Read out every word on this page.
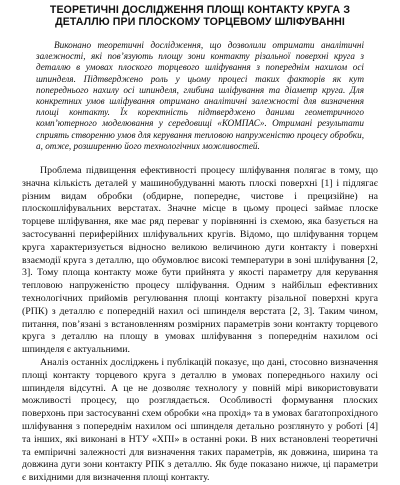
ТЕОРЕТИЧНІ ДОСЛІДЖЕННЯ ПЛОЩІ КОНТАКТУ КРУГА З ДЕТАЛЛЮ ПРИ ПЛОСКОМУ ТОРЦЕВОМУ ШЛІФУВАННІ

Виконано теоретичні дослідження, що дозволили отримати аналітичні залежності, які пов’язують площу зони контакту різальної поверхні круга з деталлю в умовах плоского торцевого шліфування з попереднім нахилом осі шпинделя. Підтверджено роль у цьому процесі таких факторів як кут попереднього нахилу осі шпинделя, глибина шліфування та діаметр круга. Для конкретних умов шліфування отримано аналітичні залежності для визначення площі контакту. Їх коректність підтверджено даними геометричного комп’ютерного моделювання у середовищі «КОМПАС». Отримані результати сприять створенню умов для керування тепловою напруженістю процесу обробки, а, отже, розширенню його технологічних можливостей.

Проблема підвищення ефективності процесу шліфування полягає в тому, що значна кількість деталей у машинобудуванні мають плоскі поверхні [1] і підлягає різним видам обробки (обдирне, попереднє, чистове і прецизійне) на плоскошліфувальних верстатах. Значне місце в цьому процесі займає плоске торцеве шліфування, яке має ряд переваг у порівнянні із схемою, яка базується на застосуванні периферійних шліфувальних кругів. Відомо, що шліфування торцем круга характеризується відносно великою величиною дуги контакту і поверхні взаємодії круга з деталлю, що обумовлює високі температури в зоні шліфування [2, 3]. Тому площа контакту може бути прийнята у якості параметру для керування тепловою напруженістю процесу шліфування. Одним з найбільш ефективних технологічних прийомів регулювання площі контакту різальної поверхні круга (РПК) з деталлю є попередній нахил осі шпинделя верстата [2, 3]. Таким чином, питання, пов’язані з встановленням розмірних параметрів зони контакту торцевого круга з деталлю на площу в умовах шліфування з попереднім нахилом осі шпинделя є актуальними.

Аналіз останніх досліджень і публікацій показує, що дані, стосовно визначення площі контакту торцевого круга з деталлю в умовах попереднього нахилу осі шпинделя відсутні. А це не дозволяє технологу у повній мірі використовувати можливості процесу, що розглядається. Особливості формування плоских поверхонь при застосуванні схем обробки «на прохід» та в умовах багатопрохідного шліфування з попереднім нахилом осі шпинделя детально розглянуто у роботі [4] та інших, які виконані в НТУ «ХПІ» в останні роки. В них встановлені теоретичні та емпіричні залежності для визначення таких параметрів, як довжина, ширина та довжина дуги зони контакту РПК з деталлю. Як буде показано нижче, ці параметри є вихідними для визначення площі контакту.
